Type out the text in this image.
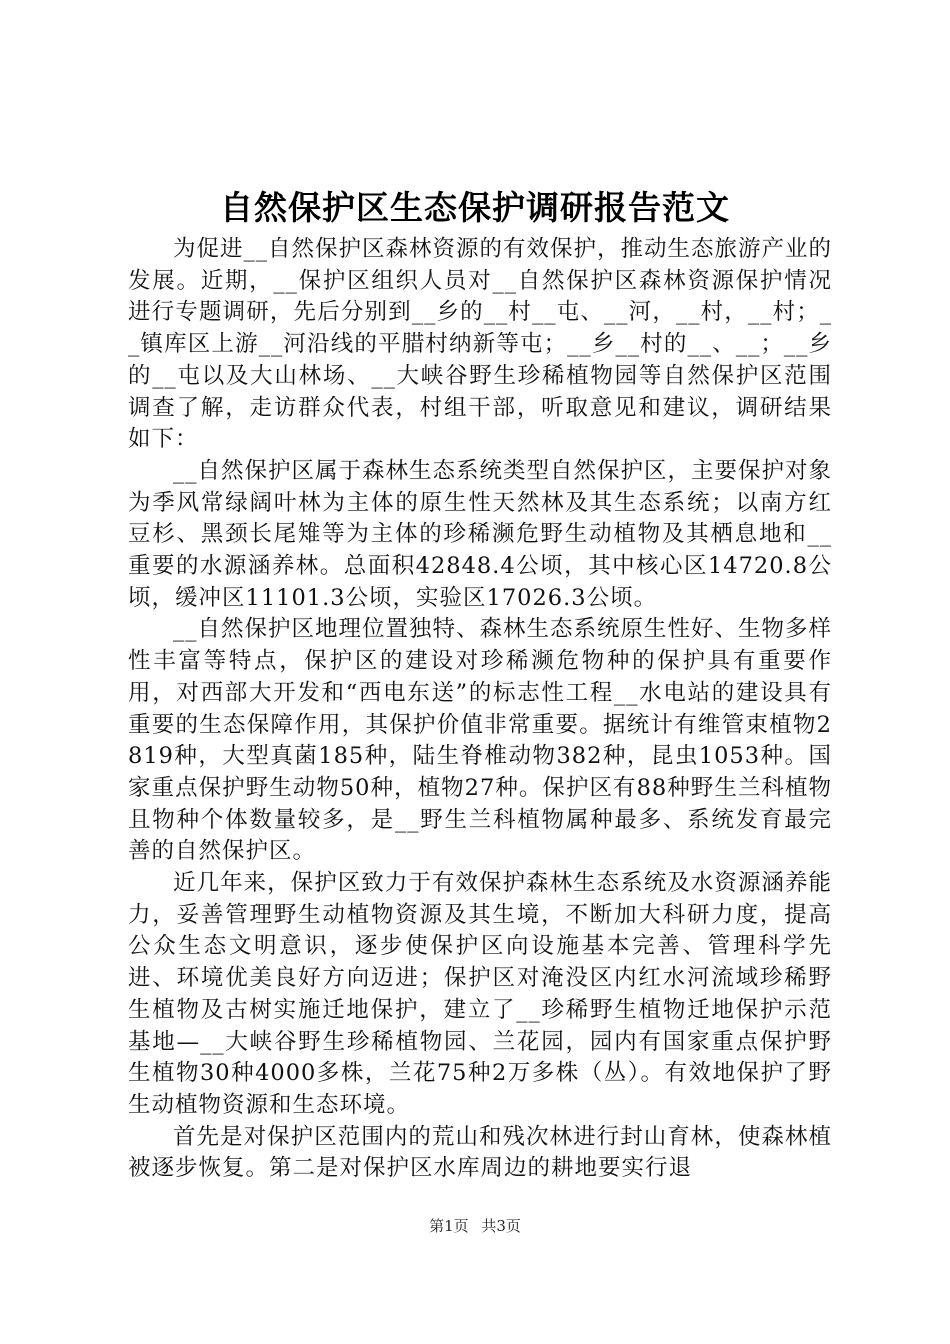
自然保护区生态保护调研报告范文

为促进__自然保护区森林资源的有效保护，推动生态旅游产业的发展。近期，__保护区组织人员对__自然保护区森林资源保护情况进行专题调研，先后分别到__乡的__村__屯、__河，__村，__村；__镇库区上游__河沿线的平腊村纳新等屯；__乡__村的__、__；__乡的__屯以及大山林场、__大峡谷野生珍稀植物园等自然保护区范围调查了解，走访群众代表，村组干部，听取意见和建议，调研结果如下：

__自然保护区属于森林生态系统类型自然保护区，主要保护对象为季风常绿阔叶林为主体的原生性天然林及其生态系统；以南方红豆杉、黑颈长尾雉等为主体的珍稀濒危野生动植物及其栖息地和__重要的水源涵养林。总面积42848.4公顷，其中核心区14720.8公顷，缓冲区11101.3公顷，实验区17026.3公顷。

__自然保护区地理位置独特、森林生态系统原生性好、生物多样性丰富等特点，保护区的建设对珍稀濒危物种的保护具有重要作用，对西部大开发和“西电东送”的标志性工程__水电站的建设具有重要的生态保障作用，其保护价值非常重要。据统计有维管束植物2819种，大型真菌185种，陆生脊椎动物382种，昆虫1053种。国家重点保护野生动物50种，植物27种。保护区有88种野生兰科植物且物种个体数量较多，是__野生兰科植物属种最多、系统发育最完善的自然保护区。

近几年来，保护区致力于有效保护森林生态系统及水资源涵养能力，妥善管理野生动植物资源及其生境，不断加大科研力度，提高公众生态文明意识，逐步使保护区向设施基本完善、管理科学先进、环境优美良好方向迈进；保护区对淹没区内红水河流域珍稀野生植物及古树实施迁地保护，建立了__珍稀野生植物迁地保护示范基地—__大峡谷野生珍稀植物园、兰花园，园内有国家重点保护野生植物30种4000多株，兰花75种2万多株（丛）。有效地保护了野生动植物资源和生态环境。

首先是对保护区范围内的荒山和残次林进行封山育林，使森林植被逐步恢复。第二是对保护区水库周边的耕地要实行退

第1页 共3页
